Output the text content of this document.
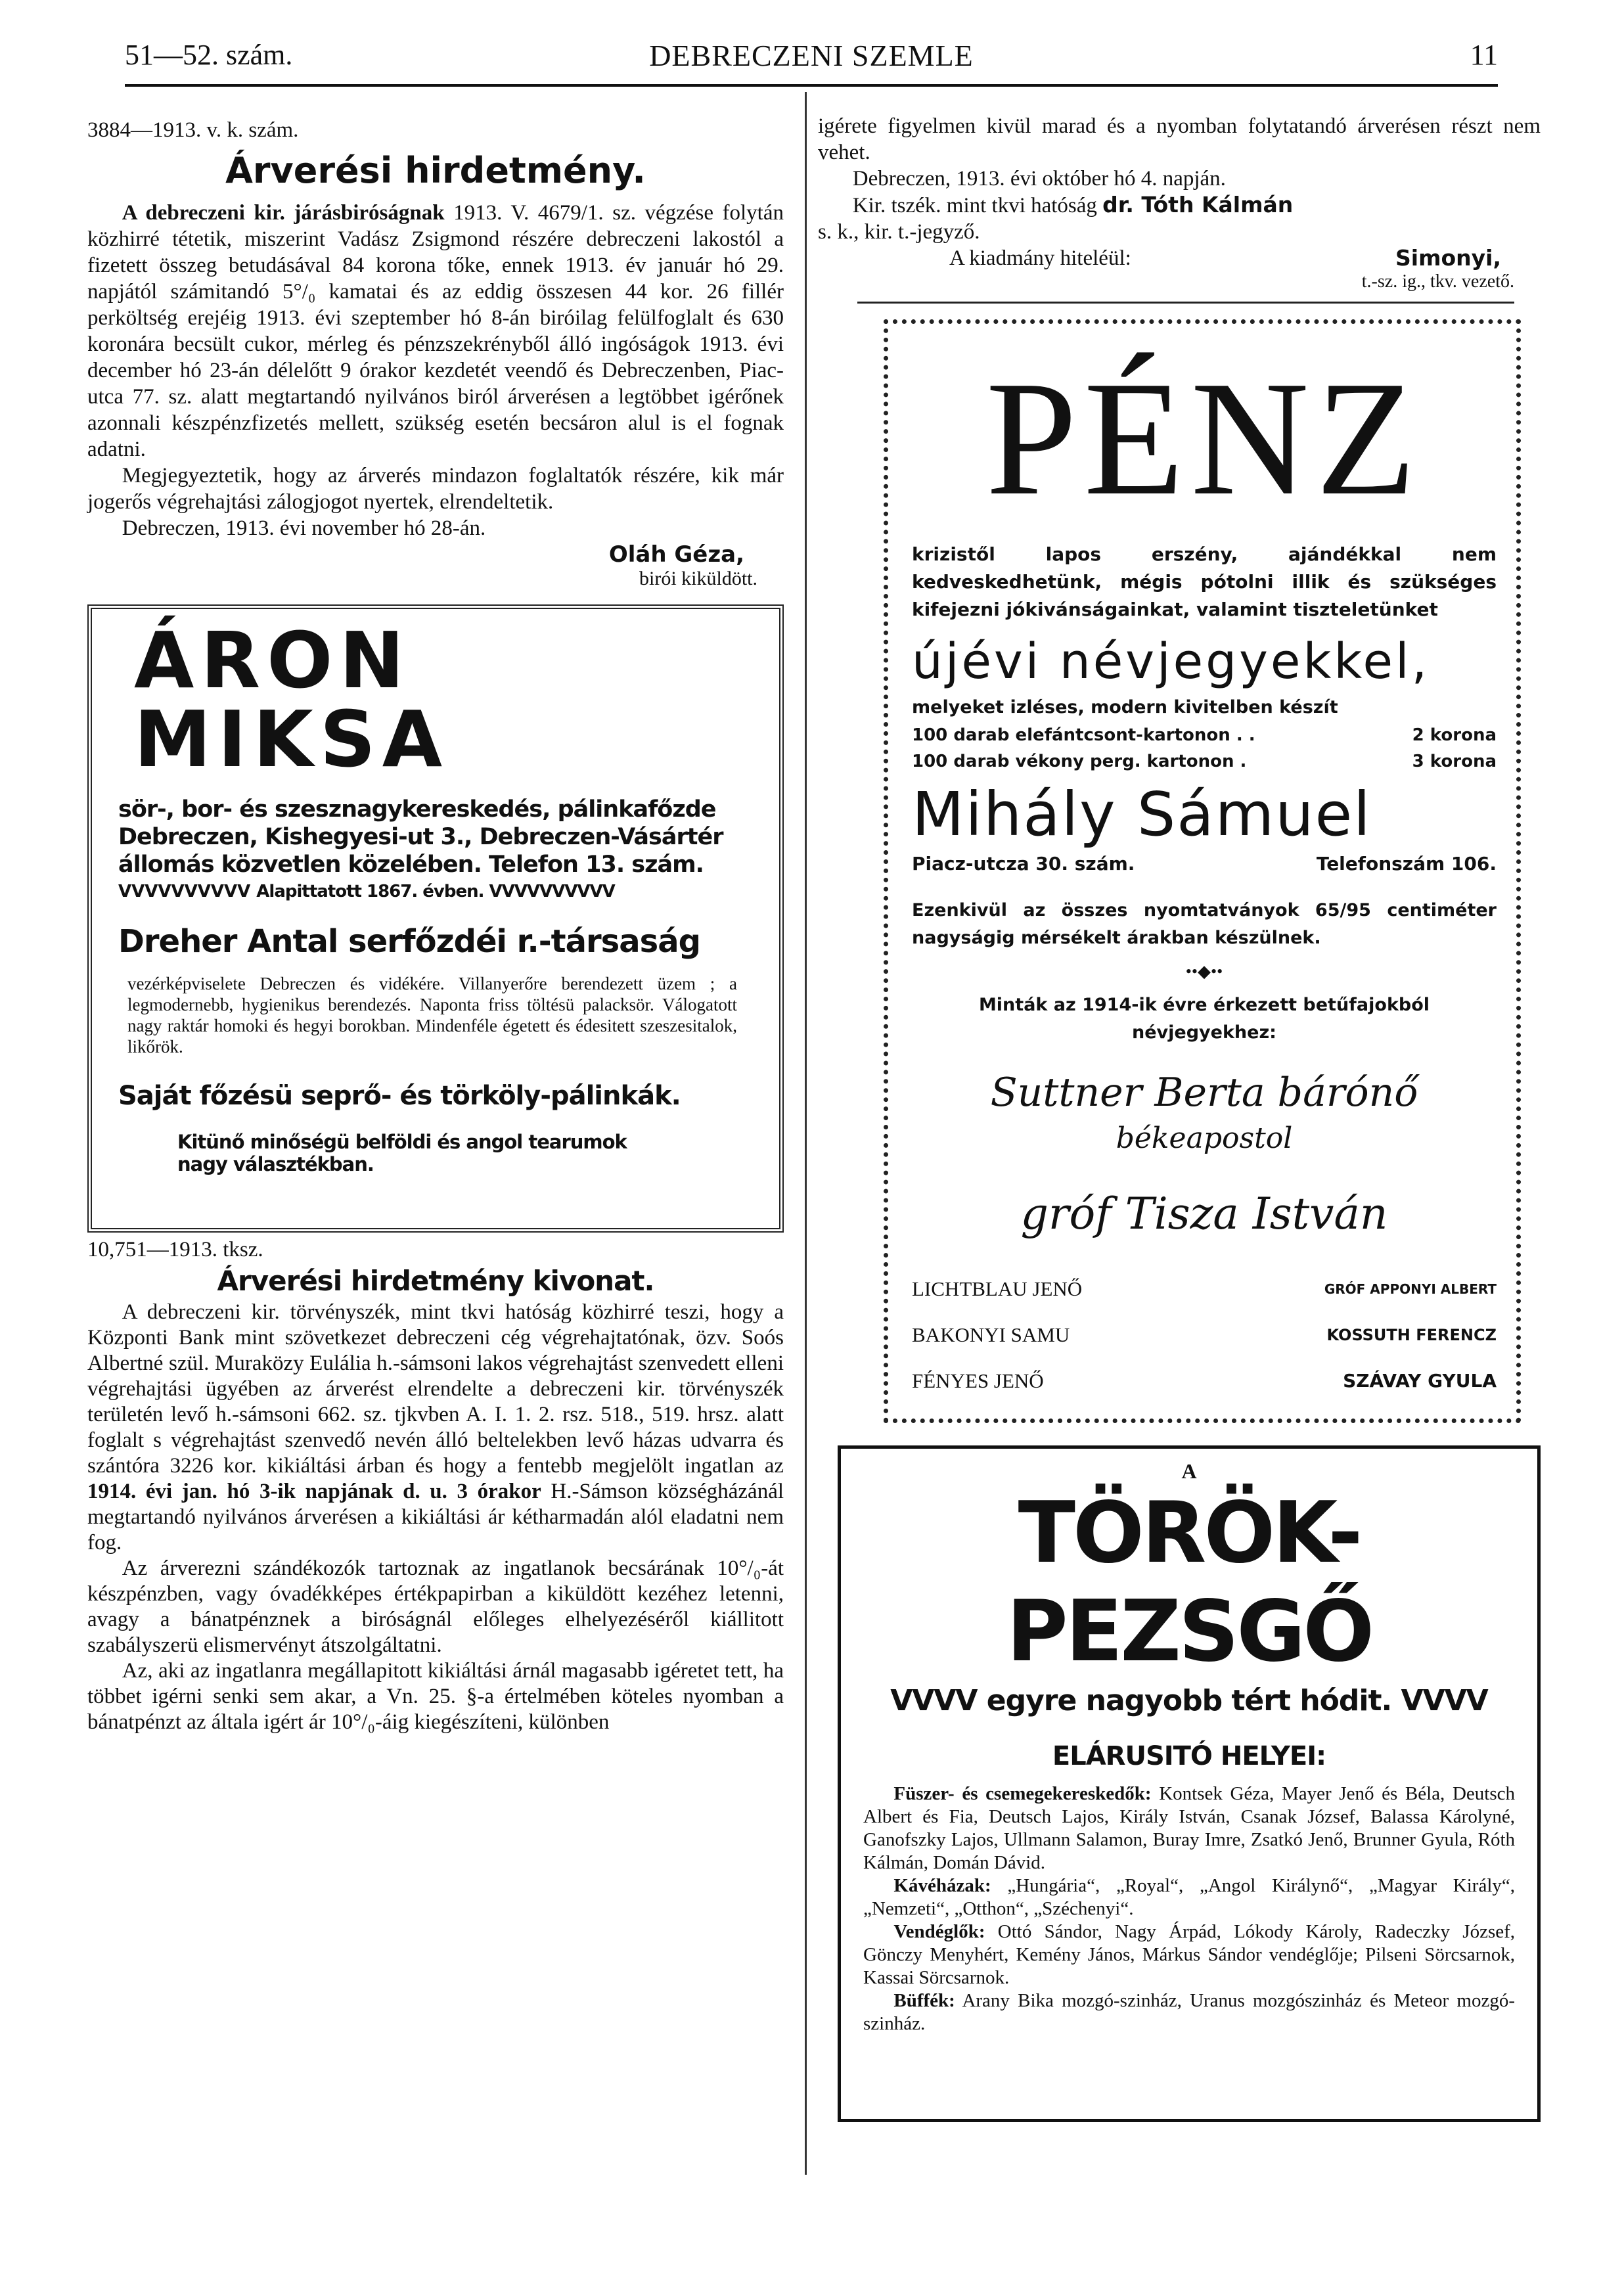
51—52. szám.	DEBRECZENI SZEMLE	11
3884—1913. v. k. szám.
Árverési hirdetmény.

A debreczeni kir. járásbiróságnak 1913. V. 4679/1. sz. végzése folytán közhirré tétetik, miszerint Vadász Zsigmond részére debreczeni lakostól a fizetett összeg betudásával 84 korona tőke, ennek 1913. év január hó 29. napjától számitandó 5°/₀ kamatai és az eddig összesen 44 kor. 26 fillér perköltség erejéig 1913. évi szeptember hó 8-án biróilag felülfoglalt és 630 koronára becsült cukor, mérleg és pénzszekrényből álló ingóságok 1913. évi december hó 23-án délelőtt 9 órakor kezdetét veendő és Debreczenben, Piac-utca 77. sz. alatt megtartandó nyilvános biról árverésen a legtöbbet igérőnek azonnali készpénzfizetés mellett, szükség esetén becsáron alul is el fognak adatni.

Megjegyeztetik, hogy az árverés mindazon foglaltatók részére, kik már jogerős végrehajtási zálogjogot nyertek, elrendeltetik.

Debreczen, 1913. évi november hó 28-án.

Oláh Géza,
birói kiküldött.
ÁRON MIKSA
sör-, bor- és szesznagykereskedés, pálinkafőzde
Debreczen, Kishegyesi-ut 3., Debreczen-Vásártér
állomás közvetlen közelében. Telefon 13. szám.
VVVVVVVVVV Alapittatott 1867. évben. VVVVVVVVVV
Dreher Antal serfőzdéi r.-társaság

vezérképviselete Debreczen és vidékére. Villanyerőre berendezett üzem ; a legmodernebb, hygienikus berendezés. Naponta friss töltésü palacksör. Válogatott nagy raktár homoki és hegyi borokban. Mindenféle égetett és édesitett szeszesitalok, likőrök.

Saját főzésü seprő- és törköly-pálinkák.
Kitünő minőségü belföldi és angol tearumok
nagy választékban.
10,751—1913. tksz.
Árverési hirdetmény kivonat.

A debreczeni kir. törvényszék, mint tkvi hatóság közhirré teszi, hogy a Központi Bank mint szövetkezet debreczeni cég végrehajtatónak, özv. Soós Albertné szül. Muraközy Eulália h.-sámsoni lakos végrehajtást szenvedett elleni végrehajtási ügyében az árverést elrendelte a debreczeni kir. törvényszék területén levő h.-sámsoni 662. sz. tjkvben A. I. 1. 2. rsz. 518., 519. hrsz. alatt foglalt s végrehajtást szenvedő nevén álló beltelekben levő házas udvarra és szántóra 3226 kor. kikiáltási árban és hogy a fentebb megjelölt ingatlan az 1914. évi jan. hó 3-ik napjának d. u. 3 órakor H.-Sámson községházánál megtartandó nyilvános árverésen a kikiáltási ár kétharmadán alól eladatni nem fog.

Az árverezni szándékozók tartoznak az ingatlanok becsárának 10°/₀-át készpénzben, vagy óvadékképes értékpapirban a kiküldött kezéhez letenni, avagy a bánatpénznek a biróságnál előleges elhelyezéséről kiállitott szabályszerü elismervényt átszolgáltatni.

Az, aki az ingatlanra megállapitott kikiáltási árnál magasabb igéretet tett, ha többet igérni senki sem akar, a Vn. 25. §-a értelmében köteles nyomban a bánatpénzt az általa igért ár 10°/₀-áig kiegészíteni, különben

igérete figyelmen kivül marad és a nyomban folytatandó árverésen részt nem vehet.

Debreczen, 1913. évi október hó 4. napján.

Kir. tszék. mint tkvi hatóság dr. Tóth Kálmán

s. k., kir. t.-jegyző.

A kiadmány hiteléül:	Simonyi,
t.-sz. ig., tkv. vezető.
PÉNZ

krizistől lapos erszény, ajándékkal nem kedveskedhetünk, mégis pótolni illik és szükséges kifejezni jókivánságainkat, valamint tiszteletünket

újévi névjegyekkel,
melyeket izléses, modern kivitelben készít
100 darab elefántcsont-kartonon . .	2 korona
100 darab vékony perg. kartonon .	3 korona
Mihály Sámuel
Piacz-utcza 30. szám.	Telefonszám 106.

Ezenkivül az összes nyomtatványok 65/95 centiméter nagyságig mérsékelt árakban készülnek.

••◆••

Minták az 1914-ik évre érkezett betűfajokból névjegyekhez:

Suttner Berta bárónő
békeapostol
gróf Tisza István
LICHTBLAU JENŐ	GRÓF APPONYI ALBERT
BAKONYI SAMU	KOSSUTH FERENCZ
FÉNYES JENŐ	SZÁVAY GYULA
A
TÖRÖK-PEZSGŐ
VVVV egyre nagyobb tért hódit. VVVV
ELÁRUSITÓ HELYEI:

Füszer- és csemegekereskedők: Kontsek Géza, Mayer Jenő és Béla, Deutsch Albert és Fia, Deutsch Lajos, Király István, Csanak József, Balassa Károlyné, Ganofszky Lajos, Ullmann Salamon, Buray Imre, Zsatkó Jenő, Brunner Gyula, Róth Kálmán, Domán Dávid.

Kávéházak: „Hungária“, „Royal“, „Angol Királynő“, „Magyar Király“, „Nemzeti“, „Otthon“, „Széchenyi“.

Vendéglők: Ottó Sándor, Nagy Árpád, Lókody Károly, Radeczky József, Gönczy Menyhért, Kemény János, Márkus Sándor vendéglője; Pilseni Sörcsarnok, Kassai Sörcsarnok.

Büffék: Arany Bika mozgó-szinház, Uranus mozgószinház és Meteor mozgó-szinház.
